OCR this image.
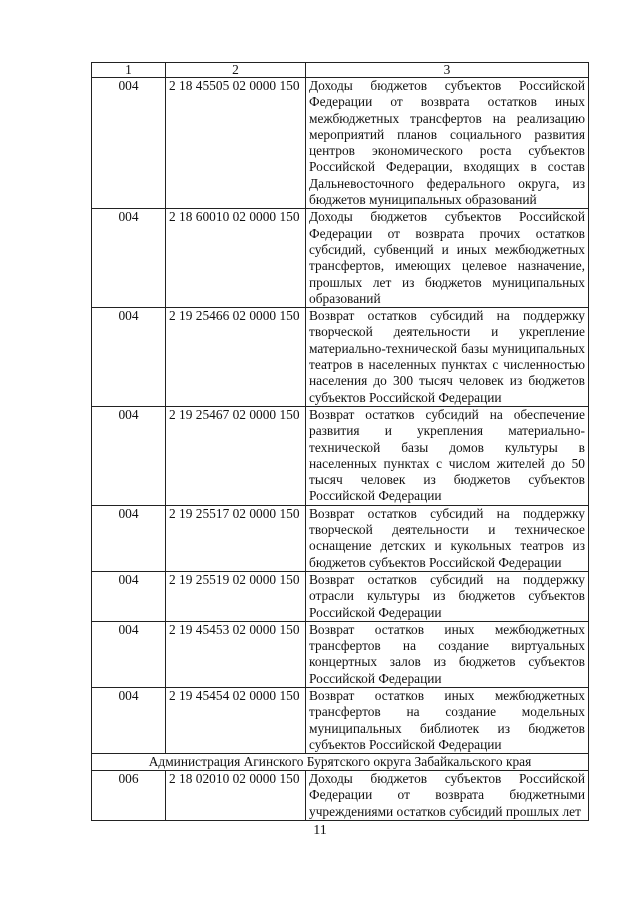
1	2	3
004	2 18 45505 02 0000 150	Доходы бюджетов субъектов Российской Федерации от возврата остатков иных межбюджетных трансфертов на реализацию мероприятий планов социального развития центров экономического роста субъектов Российской Федерации, входящих в состав Дальневосточного федерального округа, из бюджетов муниципальных образований
004	2 18 60010 02 0000 150	Доходы бюджетов субъектов Российской Федерации от возврата прочих остатков субсидий, субвенций и иных межбюджетных трансфертов, имеющих целевое назначение, прошлых лет из бюджетов муниципальных образований
004	2 19 25466 02 0000 150	Возврат остатков субсидий на поддержку творческой деятельности и укрепление материально-технической базы муниципальных театров в населенных пунктах с численностью населения до 300 тысяч человек из бюджетов субъектов Российской Федерации
004	2 19 25467 02 0000 150	Возврат остатков субсидий на обеспечение развития и укрепления материально-технической базы домов культуры в населенных пунктах с числом жителей до 50 тысяч человек из бюджетов субъектов Российской Федерации
004	2 19 25517 02 0000 150	Возврат остатков субсидий на поддержку творческой деятельности и техническое оснащение детских и кукольных театров из бюджетов субъектов Российской Федерации
004	2 19 25519 02 0000 150	Возврат остатков субсидий на поддержку отрасли культуры из бюджетов субъектов Российской Федерации
004	2 19 45453 02 0000 150	Возврат остатков иных межбюджетных трансфертов на создание виртуальных концертных залов из бюджетов субъектов Российской Федерации
004	2 19 45454 02 0000 150	Возврат остатков иных межбюджетных трансфертов на создание модельных муниципальных библиотек из бюджетов субъектов Российской Федерации
Администрация Агинского Бурятского округа Забайкальского края		
006	2 18 02010 02 0000 150	Доходы бюджетов субъектов Российской Федерации от возврата бюджетными учреждениями остатков субсидий прошлых лет
11
